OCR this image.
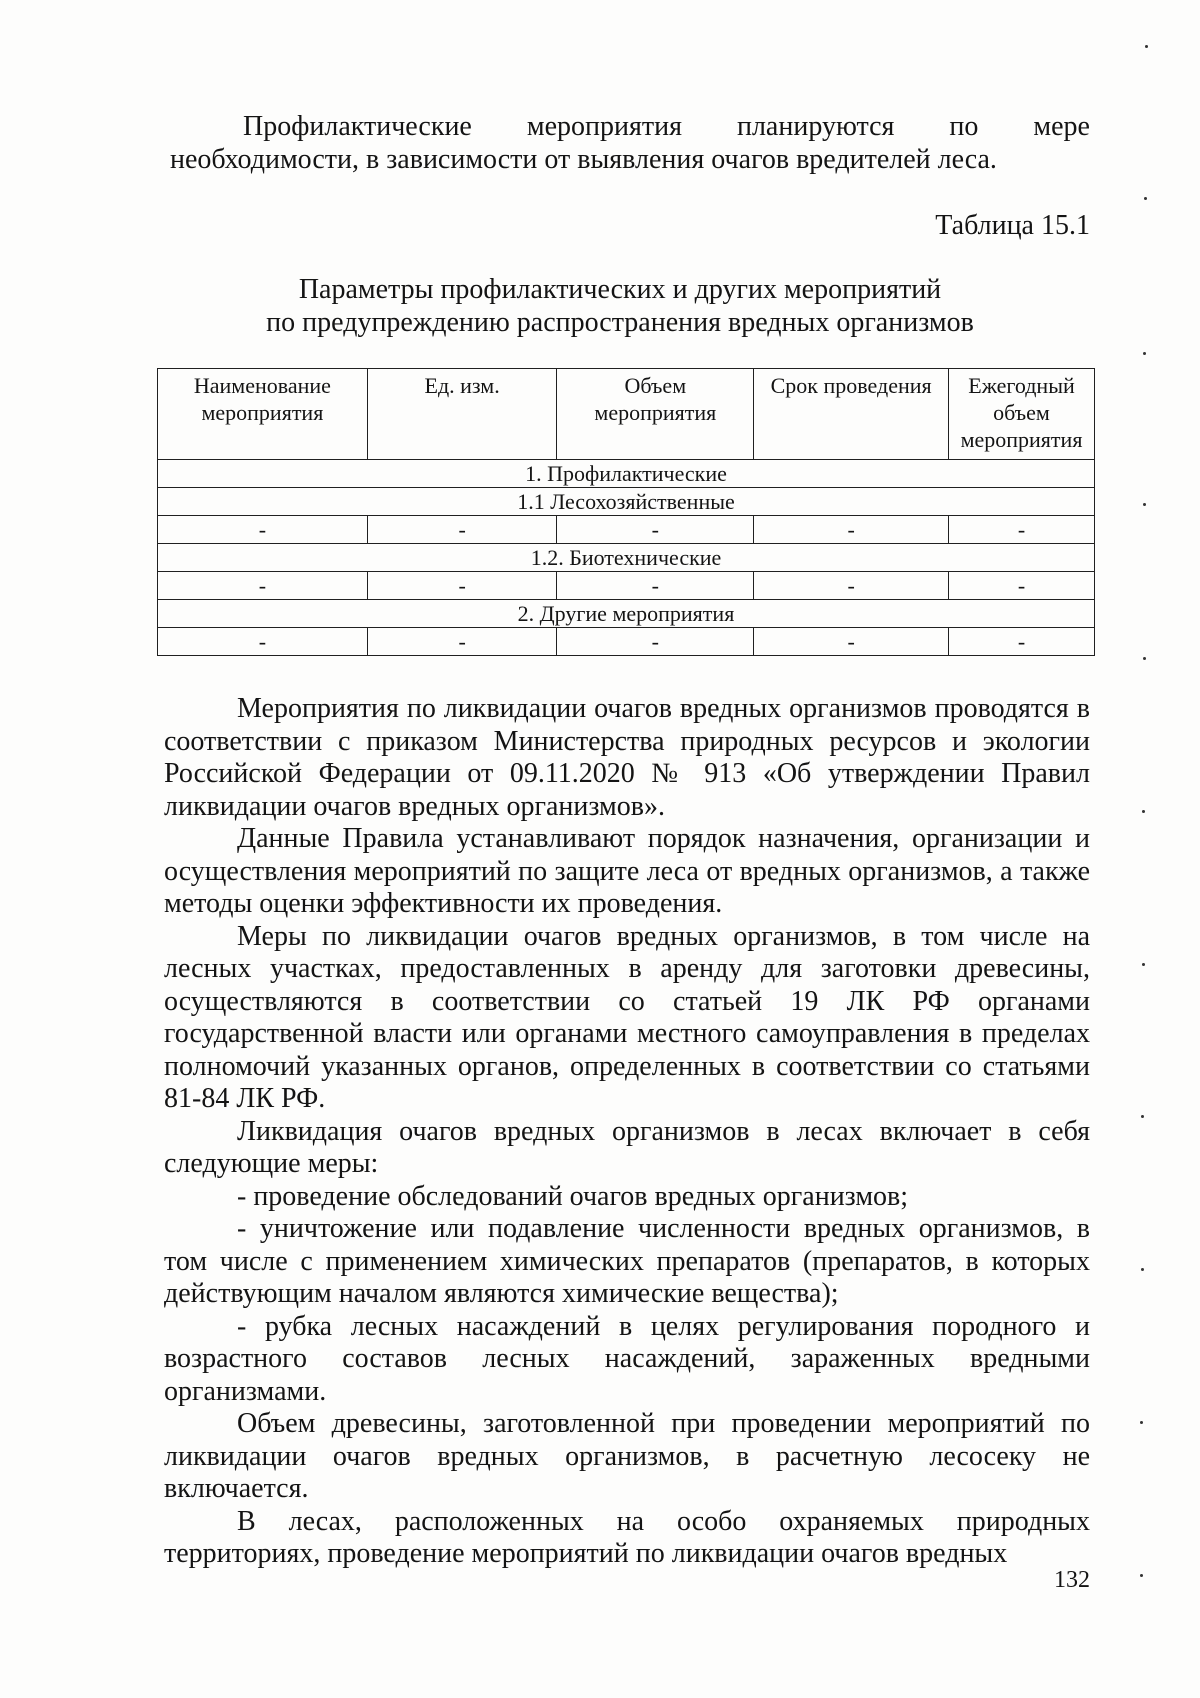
Профилактические мероприятия планируются по мере
необходимости, в зависимости от выявления очагов вредителей леса.
Таблица 15.1
Параметры профилактических и других мероприятий
по предупреждению распространения вредных организмов
Наименование мероприятия	Ед. изм.	Объем мероприятия	Срок проведения	Ежегодный объем мероприятия
1. Профилактические				
1.1 Лесохозяйственные				
-	-	-	-	-
1.2. Биотехнические				
-	-	-	-	-
2. Другие мероприятия				
-	-	-	-	-

Мероприятия по ликвидации очагов вредных организмов проводятся в соответствии с приказом Министерства природных ресурсов и экологии Российской Федерации от 09.11.2020 № 913 «Об утверждении Правил ликвидации очагов вредных организмов».

Данные Правила устанавливают порядок назначения, организации и осуществления мероприятий по защите леса от вредных организмов, а также методы оценки эффективности их проведения.

Меры по ликвидации очагов вредных организмов, в том числе на лесных участках, предоставленных в аренду для заготовки древесины, осуществляются в соответствии со статьей 19 ЛК РФ органами государственной власти или органами местного самоуправления в пределах полномочий указанных органов, определенных в соответствии со статьями 81-84 ЛК РФ.

Ликвидация очагов вредных организмов в лесах включает в себя следующие меры:

- проведение обследований очагов вредных организмов;

- уничтожение или подавление численности вредных организмов, в том числе с применением химических препаратов (препаратов, в которых действующим началом являются химические вещества);

- рубка лесных насаждений в целях регулирования породного и возрастного составов лесных насаждений, зараженных вредными организмами.

Объем древесины, заготовленной при проведении мероприятий по ликвидации очагов вредных организмов, в расчетную лесосеку не включается.

В лесах, расположенных на особо охраняемых природных территориях, проведение мероприятий по ликвидации очагов вредных

132
